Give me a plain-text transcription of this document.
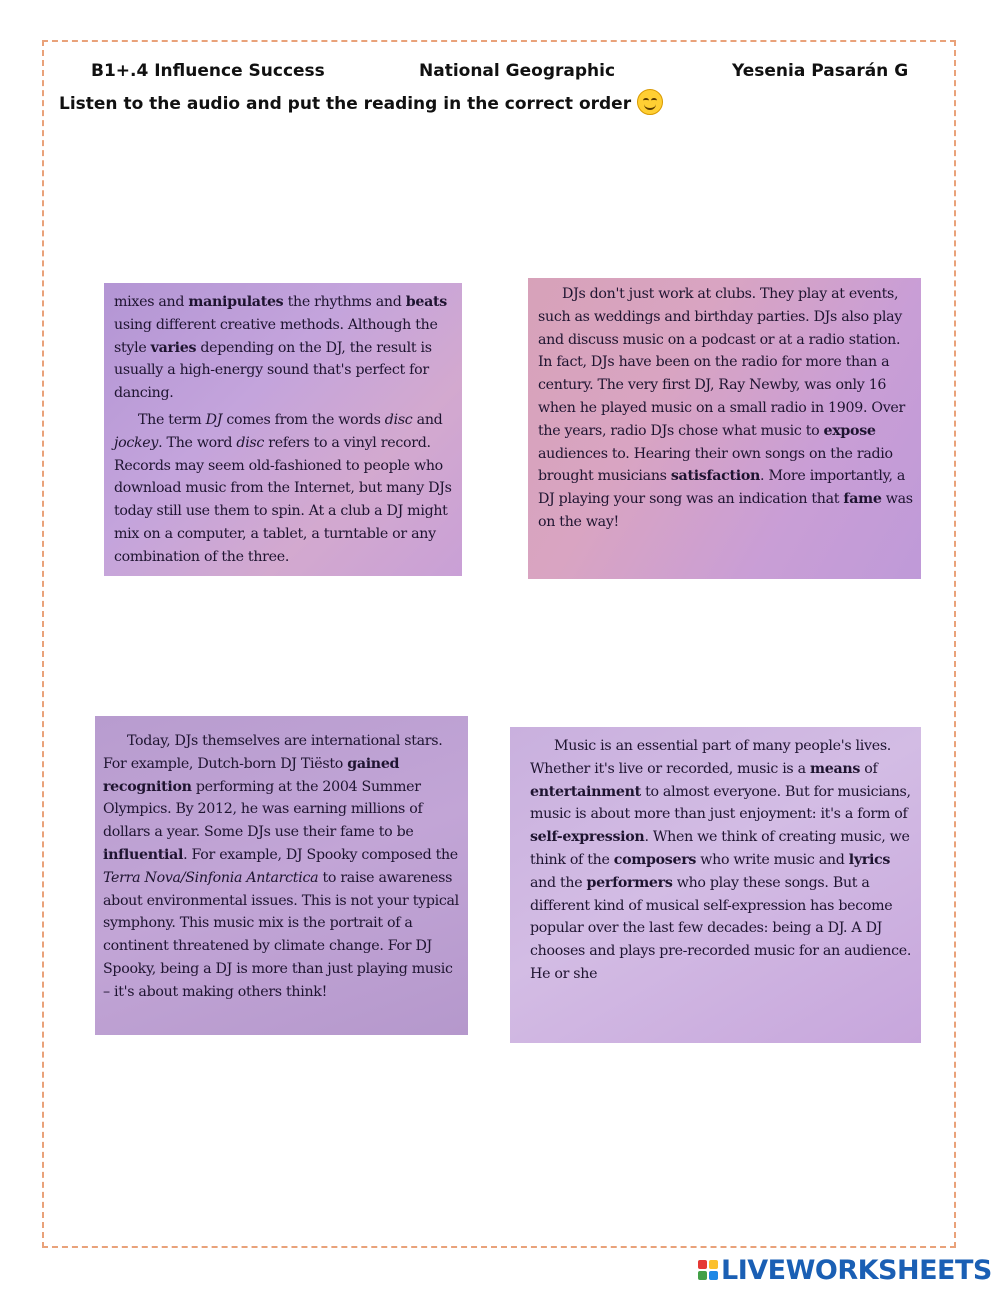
B1+.4 Influence Success	National Geographic	Yesenia Pasarán G
Listen to the audio and put the reading in the correct order

mixes and manipulates the rhythms and beats using different creative methods. Although the style varies depending on the DJ, the result is usually a high-energy sound that's perfect for dancing.

The term DJ comes from the words disc and jockey. The word disc refers to a vinyl record. Records may seem old-fashioned to people who download music from the Internet, but many DJs today still use them to spin. At a club a DJ might mix on a computer, a tablet, a turntable or any combination of the three.

DJs don't just work at clubs. They play at events, such as weddings and birthday parties. DJs also play and discuss music on a podcast or at a radio station. In fact, DJs have been on the radio for more than a century. The very first DJ, Ray Newby, was only 16 when he played music on a small radio in 1909. Over the years, radio DJs chose what music to expose audiences to. Hearing their own songs on the radio brought musicians satisfaction. More importantly, a DJ playing your song was an indication that fame was on the way!

Today, DJs themselves are international stars. For example, Dutch-born DJ Tiësto gained recognition performing at the 2004 Summer Olympics. By 2012, he was earning millions of dollars a year. Some DJs use their fame to be influential. For example, DJ Spooky composed the Terra Nova/Sinfonia Antarctica to raise awareness about environmental issues. This is not your typical symphony. This music mix is the portrait of a continent threatened by climate change. For DJ Spooky, being a DJ is more than just playing music – it's about making others think!

Music is an essential part of many people's lives. Whether it's live or recorded, music is a means of entertainment to almost everyone. But for musicians, music is about more than just enjoyment: it's a form of self-expression. When we think of creating music, we think of the composers who write music and lyrics and the performers who play these songs. But a different kind of musical self-expression has become popular over the last few decades: being a DJ. A DJ chooses and plays pre-recorded music for an audience. He or she

LIVEWORKSHEETS
